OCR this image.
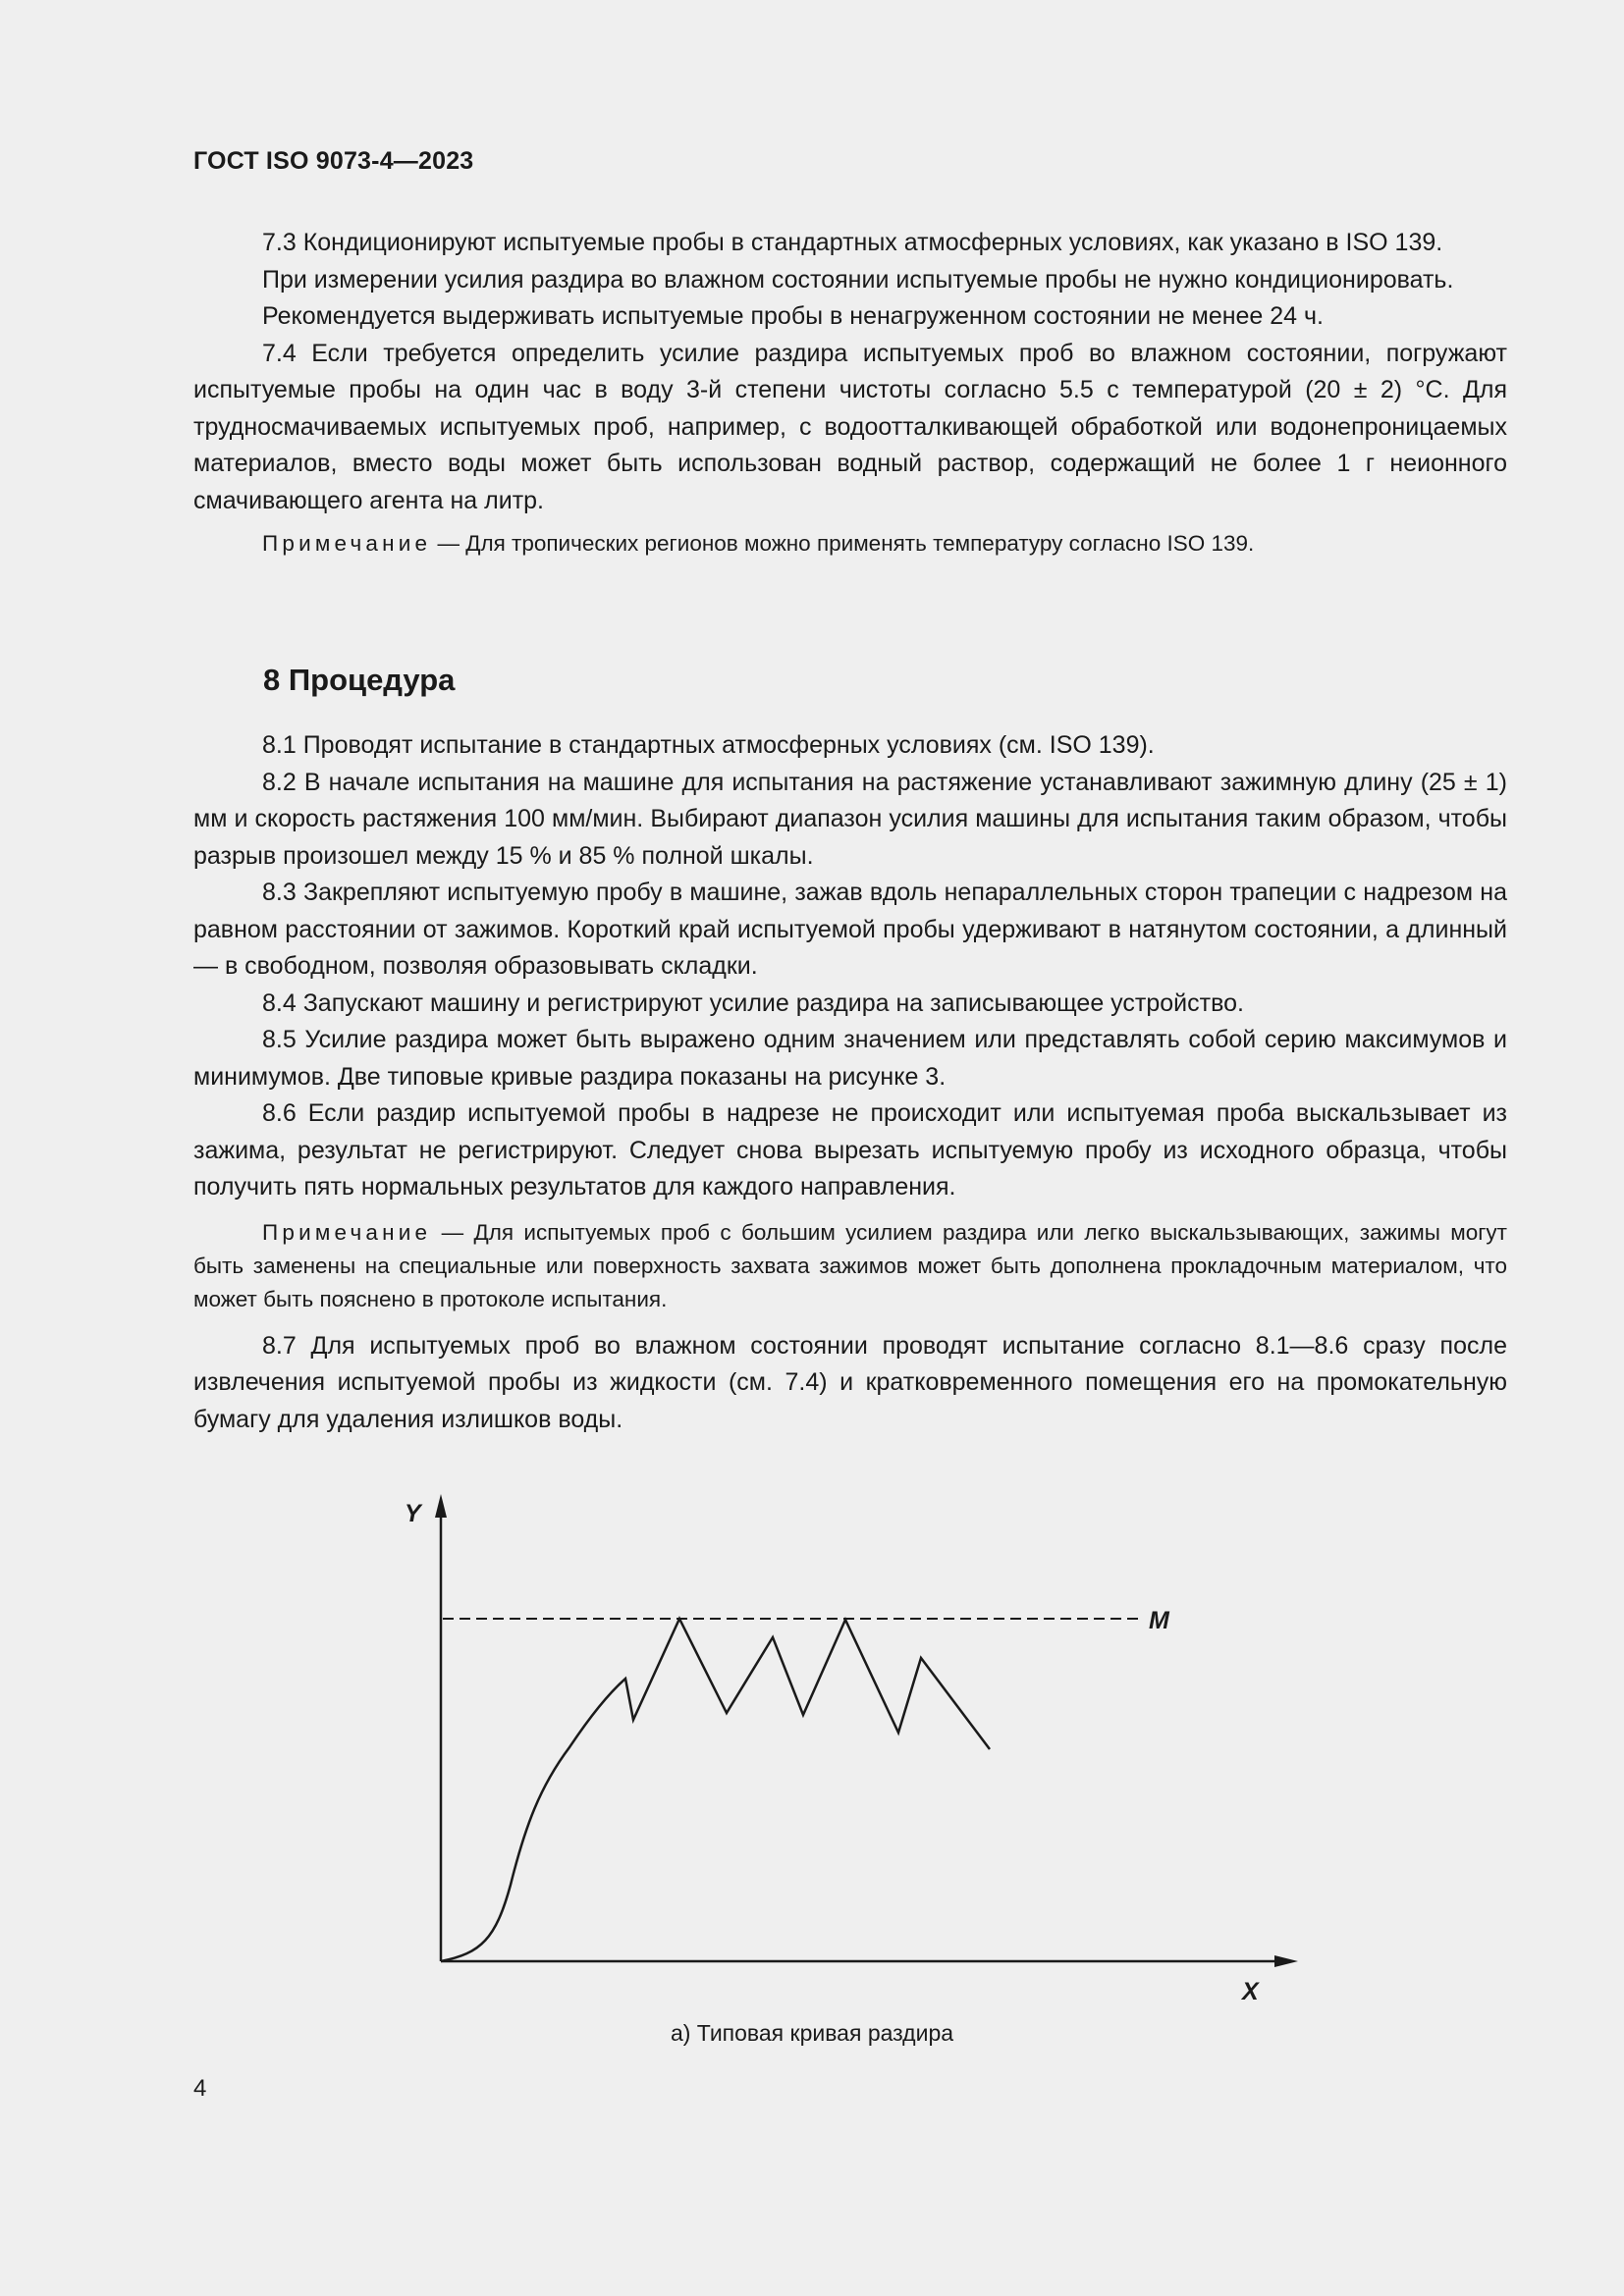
ГОСТ ISO 9073-4—2023

7.3 Кондиционируют испытуемые пробы в стандартных атмосферных условиях, как указано в ISO 139.

При измерении усилия раздира во влажном состоянии испытуемые пробы не нужно кондиционировать.

Рекомендуется выдерживать испытуемые пробы в ненагруженном состоянии не менее 24 ч.

7.4 Если требуется определить усилие раздира испытуемых проб во влажном состоянии, погружают испытуемые пробы на один час в воду 3-й степени чистоты согласно 5.5 с температурой (20 ± 2) °С. Для трудносмачиваемых испытуемых проб, например, с водоотталкивающей обработкой или водонепроницаемых материалов, вместо воды может быть использован водный раствор, содержащий не более 1 г неионного смачивающего агента на литр.

Примечание — Для тропических регионов можно применять температуру согласно ISO 139.

8 Процедура

8.1 Проводят испытание в стандартных атмосферных условиях (см. ISO 139).

8.2 В начале испытания на машине для испытания на растяжение устанавливают зажимную длину (25 ± 1) мм и скорость растяжения 100 мм/мин. Выбирают диапазон усилия машины для испытания таким образом, чтобы разрыв произошел между 15 % и 85 % полной шкалы.

8.3 Закрепляют испытуемую пробу в машине, зажав вдоль непараллельных сторон трапеции с надрезом на равном расстоянии от зажимов. Короткий край испытуемой пробы удерживают в натянутом состоянии, а длинный — в свободном, позволяя образовывать складки.

8.4 Запускают машину и регистрируют усилие раздира на записывающее устройство.

8.5 Усилие раздира может быть выражено одним значением или представлять собой серию максимумов и минимумов. Две типовые кривые раздира показаны на рисунке 3.

8.6 Если раздир испытуемой пробы в надрезе не происходит или испытуемая проба выскальзывает из зажима, результат не регистрируют. Следует снова вырезать испытуемую пробу из исходного образца, чтобы получить пять нормальных результатов для каждого направления.

Примечание — Для испытуемых проб с большим усилием раздира или легко выскальзывающих, зажимы могут быть заменены на специальные или поверхность захвата зажимов может быть дополнена прокладочным материалом, что может быть пояснено в протоколе испытания.

8.7 Для испытуемых проб во влажном состоянии проводят испытание согласно 8.1—8.6 сразу после извлечения испытуемой пробы из жидкости (см. 7.4) и кратковременного помещения его на промокательную бумагу для удаления излишков воды.

Y
X
M
а) Типовая кривая раздира
4
